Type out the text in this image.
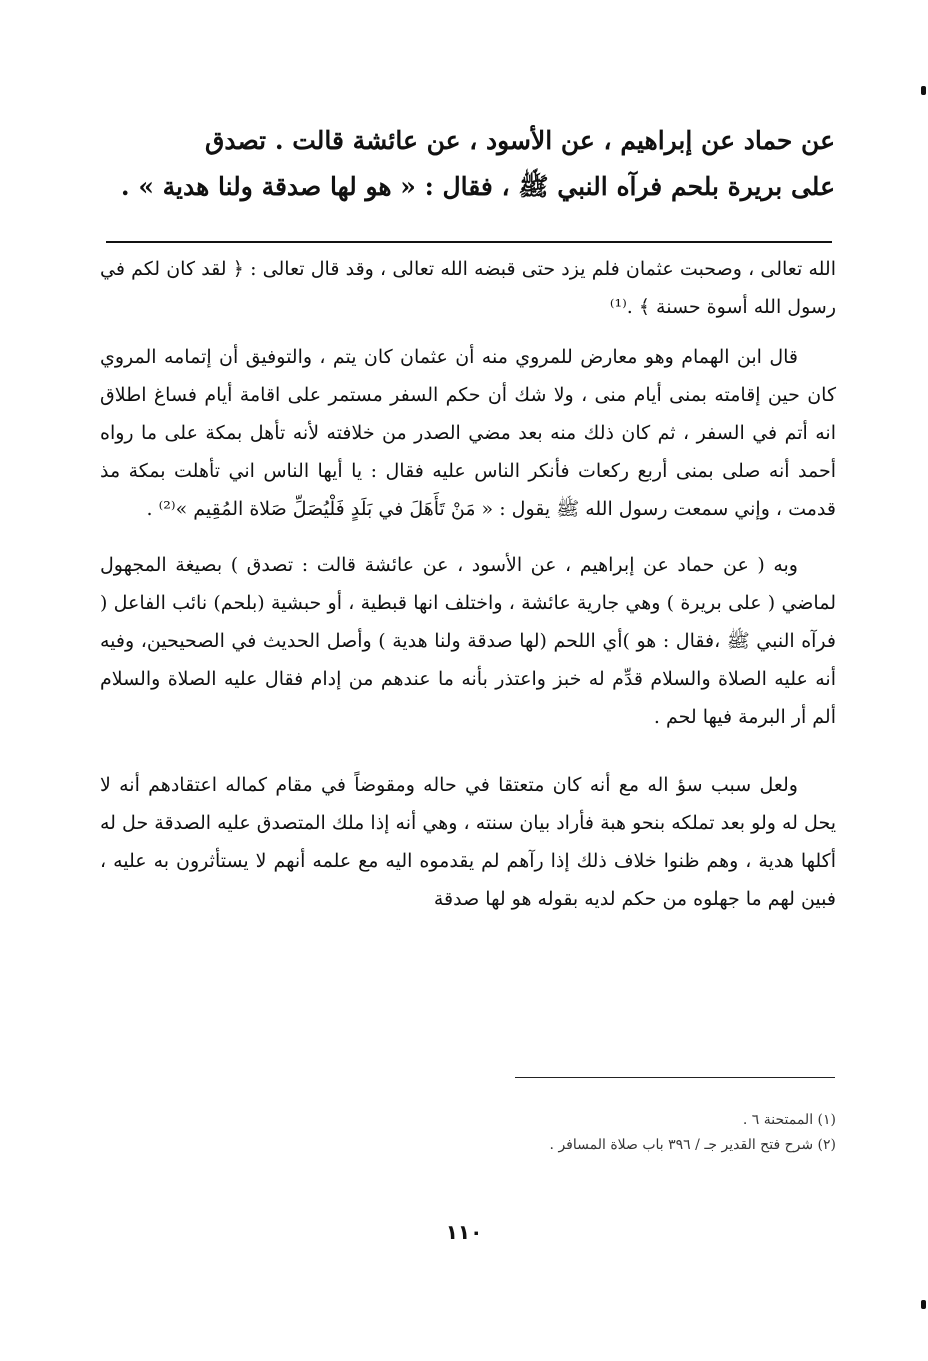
عن حماد عن إبراهيم ، عن الأسود ، عن عائشة قالت . تصدق

على بريرة بلحم فرآه النبي ﷺ ، فقال : « هو لها صدقة ولنا هدية » .

الله تعالى ، وصحبت عثمان فلم يزد حتى قبضه الله تعالى ، وقد قال تعالى : ﴿ لقد كان لكم في رسول الله أسوة حسنة ﴾ .⁽¹⁾

قال ابن الهمام وهو معارض للمروي منه أن عثمان كان يتم ، والتوفيق أن إتمامه المروي كان حين إقامته بمنى أيام منى ، ولا شك أن حكم السفر مستمر على اقامة أيام فساغ اطلاق انه أتم في السفر ، ثم كان ذلك منه بعد مضي الصدر من خلافته لأنه تأهل بمكة على ما رواه أحمد أنه صلى بمنى أربع ركعات فأنكر الناس عليه فقال : يا أيها الناس اني تأهلت بمكة مذ قدمت ، وإني سمعت رسول الله ﷺ يقول : « مَنْ تَأَهَلَ في بَلَدٍ فَلْيُصَلِّ صَلاة المُقِيم »⁽²⁾ .

وبه ( عن حماد عن إبراهيم ، عن الأسود ، عن عائشة قالت : تصدق ) بصيغة المجهول لماضي ( على بريرة ) وهي جارية عائشة ، واختلف انها قبطية ، أو حبشية (بلحم) نائب الفاعل ( فرآه النبي ﷺ ،فقال : هو )أي اللحم (لها صدقة ولنا هدية ) وأصل الحديث في الصحيحين، وفيه أنه عليه الصلاة والسلام قدِّم له خبز واعتذر بأنه ما عندهم من إدام فقال عليه الصلاة والسلام ألم أر البرمة فيها لحم .

ولعل سبب سؤ اله مع أنه كان متعتقا في حاله ومقوضاً في مقام كماله اعتقادهم أنه لا يحل له ولو بعد تملكه بنحو هبة فأراد بيان سنته ، وهي أنه إذا ملك المتصدق عليه الصدقة حل له أكلها هدية ، وهم ظنوا خلاف ذلك إذا رآهم لم يقدموه اليه مع علمه أنهم لا يستأثرون به عليه ، فبين لهم ما جهلوه من حكم لديه بقوله هو لها صدقة

(١) الممتحنة ٦ .

(٢) شرح فتح القدير جـ / ٣٩٦ باب صلاة المسافر .

١١٠
